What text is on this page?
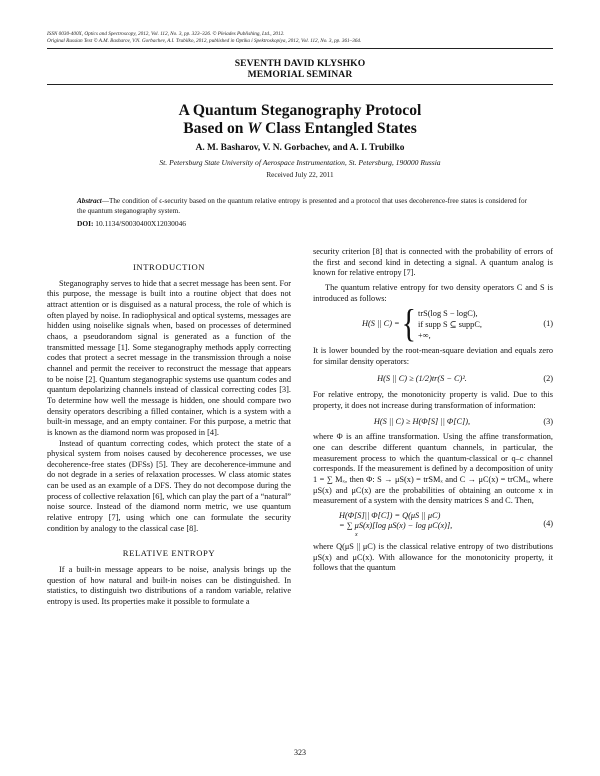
ISSN 0030-400X, Optics and Spectroscopy, 2012, Vol. 112, No. 3, pp. 323–326. © Pleiades Publishing, Ltd., 2012.
Original Russian Text © A.M. Basharov, V.N. Gorbachev, A.I. Trubilko, 2012, published in Optika i Spektroskopiya, 2012, Vol. 112, No. 3, pp. 361–364.
SEVENTH DAVID KLYSHKO
MEMORIAL SEMINAR
A Quantum Steganography Protocol
Based on W Class Entangled States
A. M. Basharov, V. N. Gorbachev, and A. I. Trubilko
St. Petersburg State University of Aerospace Instrumentation, St. Petersburg, 190000 Russia
Received July 22, 2011
Abstract—The condition of ϵ-security based on the quantum relative entropy is presented and a protocol that uses decoherence-free states is considered for the quantum steganography system.
DOI: 10.1134/S0030400X12030046
INTRODUCTION

Steganography serves to hide that a secret message has been sent. For this purpose, the message is built into a routine object that does not attract attention or is disguised as a natural process, the role of which is often played by noise. In radiophysical and optical systems, messages are hidden using noiselike signals when, based on processes of determined chaos, a pseudorandom signal is generated as a function of the transmitted message [1]. Some steganography methods apply correcting codes that protect a secret message in the transmission through a noise channel and permit the receiver to reconstruct the message that appears to be noise [2]. Quantum steganographic systems use quantum codes and quantum depolarizing channels instead of classical correcting codes [3]. To determine how well the message is hidden, one should compare two density operators describing a filled container, which is a system with a built-in message, and an empty container. For this purpose, a metric that is known as the diamond norm was proposed in [4].

Instead of quantum correcting codes, which protect the state of a physical system from noises caused by decoherence processes, we use decoherence-free states (DFSs) [5]. They are decoherence-immune and do not degrade in a series of relaxation processes. W class atomic states can be used as an example of a DFS. They do not decompose during the process of collective relaxation [6], which can play the part of a “natural” noise source. Instead of the diamond norm metric, we use quantum relative entropy [7], using which one can formulate the security condition by analogy to the classical case [8].

RELATIVE ENTROPY

If a built-in message appears to be noise, analysis brings up the question of how natural and built-in noises can be distinguished. In statistics, to distinguish two distributions of a random variable, relative entropy is used. Its properties make it possible to formulate a

security criterion [8] that is connected with the probability of errors of the first and second kind in detecting a signal. A quantum analog is known for relative entropy [7].

The quantum relative entropy for two density operators C and S is introduced as follows:

H(S || C) = { trS(log S − logC),
if supp S ⊆ suppC,
+∞,
(1)

It is lower bounded by the root-mean-square deviation and equals zero for similar density operators:

H(S || C) ≥ (1/2)tr(S − C)².	(2)

For relative entropy, the monotonicity property is valid. Due to this property, it does not increase during transformation of information:

H(S || C) ≥ H(Φ[S] || Φ[C]),	(3)

where Φ is an affine transformation. Using the affine transformation, one can describe different quantum channels, in particular, the measurement process to which the quantum-classical or q–c channel corresponds. If the measurement is defined by a decomposition of unity 1 = ∑ Mₓ, then Φ: S → μS(x) = trSMₓ and C → μC(x) = trCMₓ, where μS(x) and μC(x) are the probabilities of obtaining an outcome x in measurement of a system with the density matrices S and C. Then,

H(Φ[S]|| Φ[C]) = Q(μS || μC)
= ∑ μS(x)[log μS(x) − log μC(x)],
x
(4)

where Q(μS || μC) is the classical relative entropy of two distributions μS(x) and μC(x). With allowance for the monotonicity property, it follows that the quantum

323
